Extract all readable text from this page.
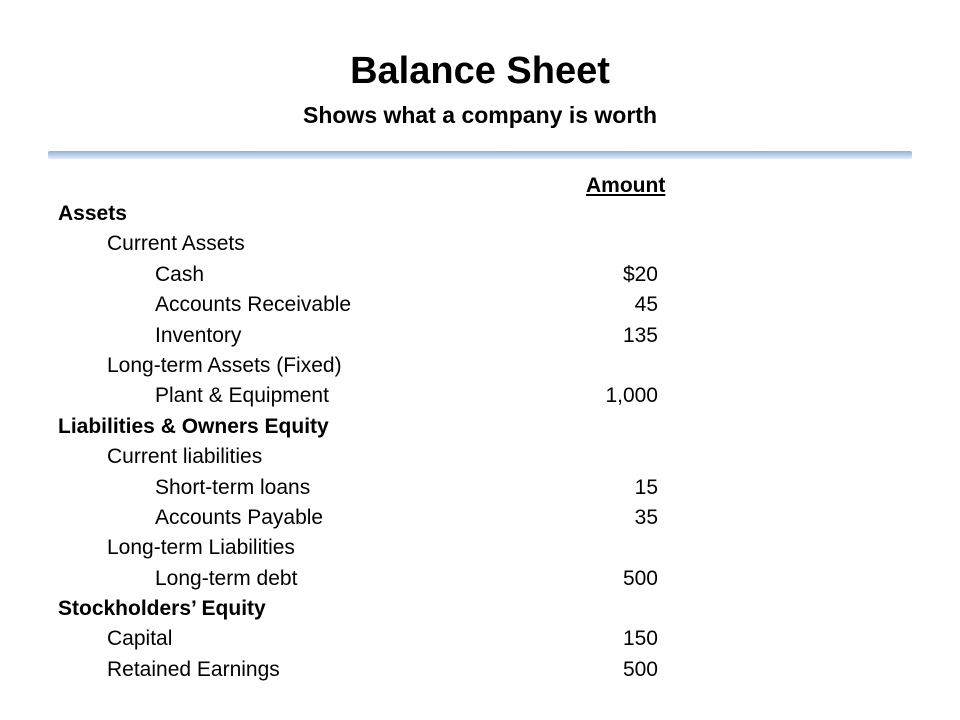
Balance Sheet
Shows what a company is worth
Amount
Assets
Current Assets
Cash	$20
Accounts Receivable	45
Inventory	135
Long-term Assets (Fixed)
Plant & Equipment	1,000
Liabilities & Owners Equity
Current liabilities
Short-term loans	15
Accounts Payable	35
Long-term Liabilities
Long-term debt	500
Stockholders’ Equity
Capital	150
Retained Earnings	500
